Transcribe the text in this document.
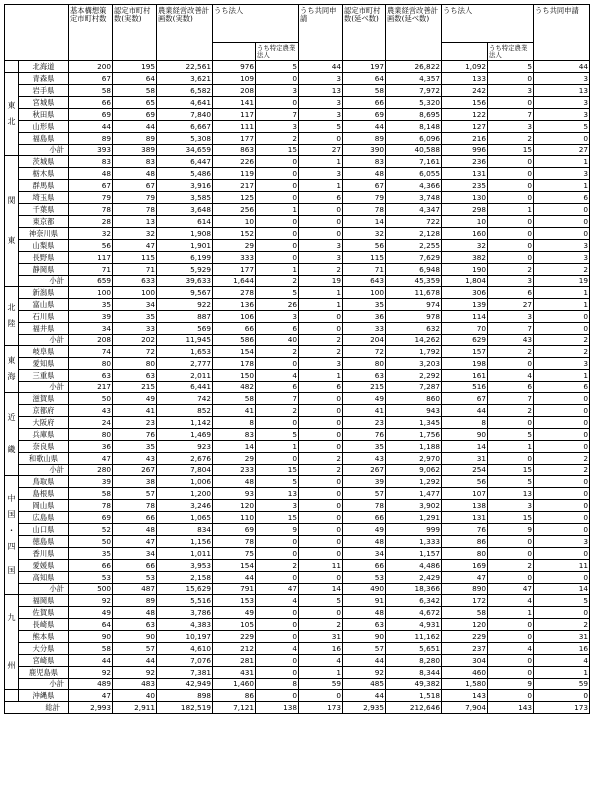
		基本構想策定市町村数	認定市町村数(実数)	農業経営改善計画数(実数)	うち法人		うち共同申請	認定市町村数(延べ数)	農業経営改善計画数(延べ数)	うち法人		うち共同申請
						うち特定農業法人					うち特定農業法人	
	北海道	200	195	22,561	976	5	44	197	26,822	1,092	5	44
東

北	青森県	67	64	3,621	109	0	3	64	4,357	133	0	3
	岩手県	58	58	6,582	208	3	13	58	7,972	242	3	13
	宮城県	66	65	4,641	141	0	3	66	5,320	156	0	3
	秋田県	69	69	7,840	117	7	3	69	8,695	122	7	3
	山形県	44	44	6,667	111	3	5	44	8,148	127	3	5
	福島県	89	89	5,308	177	2	0	89	6,096	216	2	0
	小計	393	389	34,659	863	15	27	390	40,588	996	15	27
関

東	茨城県	83	83	6,447	226	0	1	83	7,161	236	0	1
	栃木県	48	48	5,486	119	0	3	48	6,055	131	0	3
	群馬県	67	67	3,916	217	0	1	67	4,366	235	0	1
	埼玉県	79	79	3,585	125	0	6	79	3,748	130	0	6
	千葉県	78	78	3,648	256	1	0	78	4,347	298	1	0
	東京都	28	13	614	10	0	0	14	722	10	0	0
	神奈川県	32	32	1,908	152	0	0	32	2,128	160	0	0
	山梨県	56	47	1,901	29	0	3	56	2,255	32	0	3
	長野県	117	115	6,199	333	0	3	115	7,629	382	0	3
	静岡県	71	71	5,929	177	1	2	71	6,948	190	2	2
	小計	659	633	39,633	1,644	2	19	643	45,359	1,804	3	19
北

陸	新潟県	100	100	9,567	278	5	1	100	11,678	306	6	1
	富山県	35	34	922	136	26	1	35	974	139	27	1
	石川県	39	35	887	106	3	0	36	978	114	3	0
	福井県	34	33	569	66	6	0	33	632	70	7	0
	小計	208	202	11,945	586	40	2	204	14,262	629	43	2
東

海	岐阜県	74	72	1,653	154	2	2	72	1,792	157	2	2
	愛知県	80	80	2,777	178	0	3	80	3,203	198	0	3
	三重県	63	63	2,011	150	4	1	63	2,292	161	4	1
	小計	217	215	6,441	482	6	6	215	7,287	516	6	6
近

畿	滋賀県	50	49	742	58	7	0	49	860	67	7	0
	京都府	43	41	852	41	2	0	41	943	44	2	0
	大阪府	24	23	1,142	8	0	0	23	1,345	8	0	0
	兵庫県	80	76	1,469	83	5	0	76	1,756	90	5	0
	奈良県	36	35	923	14	1	0	35	1,188	14	1	0
	和歌山県	47	43	2,676	29	0	2	43	2,970	31	0	2
	小計	280	267	7,804	233	15	2	267	9,062	254	15	2
中

国

・

四

国	鳥取県	39	38	1,006	48	5	0	39	1,292	56	5	0
	島根県	58	57	1,200	93	13	0	57	1,477	107	13	0
	岡山県	78	78	3,246	120	3	0	78	3,902	138	3	0
	広島県	69	66	1,065	110	15	0	66	1,291	131	15	0
	山口県	52	48	834	69	9	0	49	999	76	9	0
	徳島県	50	47	1,156	78	0	0	48	1,333	86	0	3
	香川県	35	34	1,011	75	0	0	34	1,157	80	0	0
	愛媛県	66	66	3,953	154	2	11	66	4,486	169	2	11
	高知県	53	53	2,158	44	0	0	53	2,429	47	0	0
	小計	500	487	15,629	791	47	14	490	18,366	890	47	14
九

州	福岡県	92	89	5,516	153	4	5	91	6,342	172	4	5
	佐賀県	49	48	3,786	49	0	0	48	4,672	58	1	0
	長崎県	64	63	4,383	105	0	2	63	4,931	120	0	2
	熊本県	90	90	10,197	229	0	31	90	11,162	229	0	31
	大分県	58	57	4,610	212	4	16	57	5,651	237	4	16
	宮崎県	44	44	7,076	281	0	4	44	8,280	304	0	4
	鹿児島県	92	92	7,381	431	0	1	92	8,344	460	0	1
	小計	489	483	42,949	1,460	8	59	485	49,382	1,580	9	59
	沖縄県	47	40	898	86	0	0	44	1,518	143	0	0
総計		2,993	2,911	182,519	7,121	138	173	2,935	212,646	7,904	143	173
